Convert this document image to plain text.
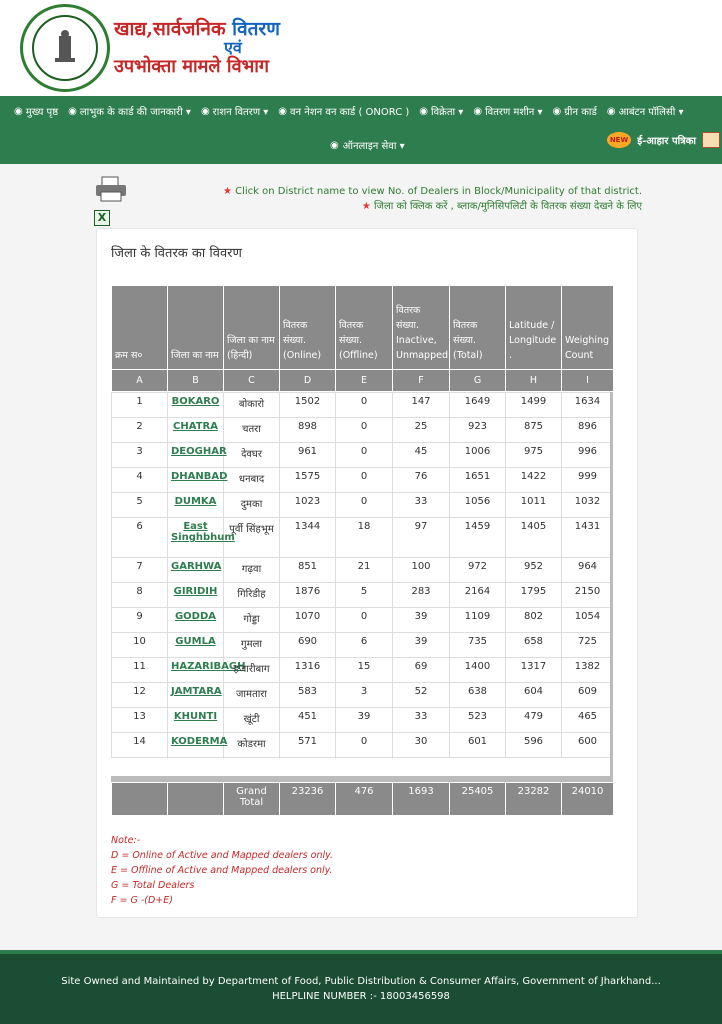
खाद्य,सार्वजनिक वितरण
एवं
उपभोक्ता मामले विभाग
◉ मुख्य पृष्ठ ◉ लाभुक के कार्ड की जानकारी ▾ ◉ राशन वितरण ▾ ◉ वन नेशन वन कार्ड ( ONORC ) ◉ विक्रेता ▾ ◉ वितरण मशीन ▾ ◉ ग्रीन कार्ड ◉ आबंटन पॉलिसी ▾
◉ ऑनलाइन सेवा ▾
NEW ई-आहार पत्रिका
X
★ Click on District name to view No. of Dealers in Block/Municipality of that district.
★ जिला को क्लिक करें , ब्लाक/मुनिसिपलिटी के वितरक संख्या देखने के लिए
जिला के वितरक का विवरण
क्रम स०	जिला का नाम	जिला का नाम (हिन्दी)	वितरक संख्या. (Online)	वितरक संख्या. (Offline)	वितरक संख्या. Inactive, Unmapped	वितरक संख्या. (Total)	Latitude / Longitude .	Weighing Count
A	B	C	D	E	F	G	H	I
1	BOKARO	बोकारो	1502	0	147	1649	1499	1634
2	CHATRA	चतरा	898	0	25	923	875	896
3	DEOGHAR	देवघर	961	0	45	1006	975	996
4	DHANBAD	धनबाद	1575	0	76	1651	1422	999
5	DUMKA	दुमका	1023	0	33	1056	1011	1032
6	East Singhbhum	पूर्वी सिंहभूम	1344	18	97	1459	1405	1431
7	GARHWA	गढ़वा	851	21	100	972	952	964
8	GIRIDIH	गिरिडीह	1876	5	283	2164	1795	2150
9	GODDA	गोड्डा	1070	0	39	1109	802	1054
10	GUMLA	गुमला	690	6	39	735	658	725
11	HAZARIBAGH	हजारीबाग	1316	15	69	1400	1317	1382
12	JAMTARA	जामतारा	583	3	52	638	604	609
13	KHUNTI	खूंटी	451	39	33	523	479	465
14	KODERMA	कोडरमा	571	0	30	601	596	600
		Grand Total	23236	476	1693	25405	23282	24010
Note:-
D = Online of Active and Mapped dealers only.
E = Offline of Active and Mapped dealers only.
G = Total Dealers
F = G -(D+E)
Site Owned and Maintained by Department of Food, Public Distribution & Consumer Affairs, Government of Jharkhand...
HELPLINE NUMBER :- 18003456598
